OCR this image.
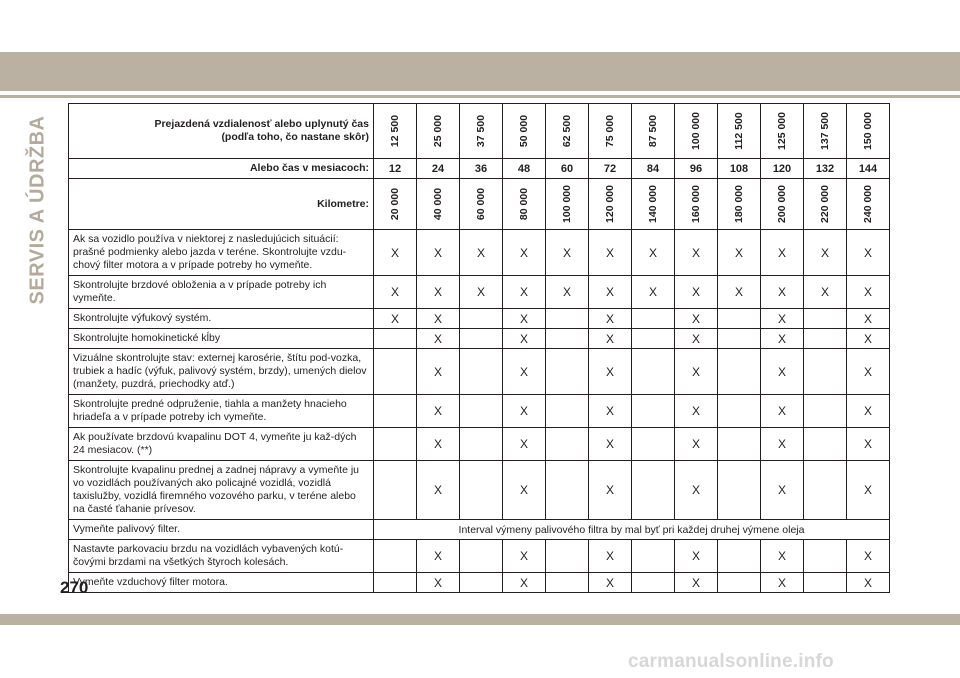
SERVIS A ÚDRŽBA	Prejazdená vzdialenosť alebo uplynutý čas
(podľa toho, čo nastane skôr)	12 500	25 000	37 500	50 000	62 500	75 000	87 500	100 000	112 500	125 000	137 500	150 000

Alebo čas v mesiacoch:	12	24	36	48	60	72	84	96	108	120	132	144
Kilometre:	20 000	40 000	60 000	80 000	100 000	120 000	140 000	160 000	180 000	200 000	220 000	240 000

Ak sa vozidlo používa v niektorej z nasledujúcich situácií: prašné podmienky alebo jazda v teréne. Skontrolujte vzdu-chový filter motora a v prípade potreby ho vymeňte.	X	X	X	X	X	X	X	X	X	X	X	X
Skontrolujte brzdové obloženia a v prípade potreby ich vymeňte.	X	X	X	X	X	X	X	X	X	X	X	X
Skontrolujte výfukový systém.	X	X		X		X		X		X		X
Skontrolujte homokinetické kĺby		X		X		X		X		X		X
Vizuálne skontrolujte stav: externej karosérie, štítu pod-vozka, trubiek a hadíc (výfuk, palivový systém, brzdy), umených dielov (manžety, puzdrá, priechodky atď.)		X		X		X		X		X		X
Skontrolujte predné odpruženie, tiahla a manžety hnacieho hriadeľa a v prípade potreby ich vymeňte.		X		X		X		X		X		X
Ak používate brzdovú kvapalinu DOT 4, vymeňte ju kaž-dých 24 mesiacov. (**)		X		X		X		X		X		X
Skontrolujte kvapalinu prednej a zadnej nápravy a vymeňte ju vo vozidlách používaných ako policajné vozidlá, vozidlá taxislužby, vozidlá firemného vozového parku, v teréne alebo na časté ťahanie prívesov.		X		X		X		X		X		X
Vymeňte palivový filter.	Interval výmeny palivového filtra by mal byť pri každej druhej výmene oleja											
Nastavte parkovaciu brzdu na vozidlách vybavených kotú-čovými brzdami na všetkých štyroch kolesách.		X		X		X		X		X		X
Vymeňte vzduchový filter motora.		X		X		X		X		X		X
270
carmanualsonline.info
